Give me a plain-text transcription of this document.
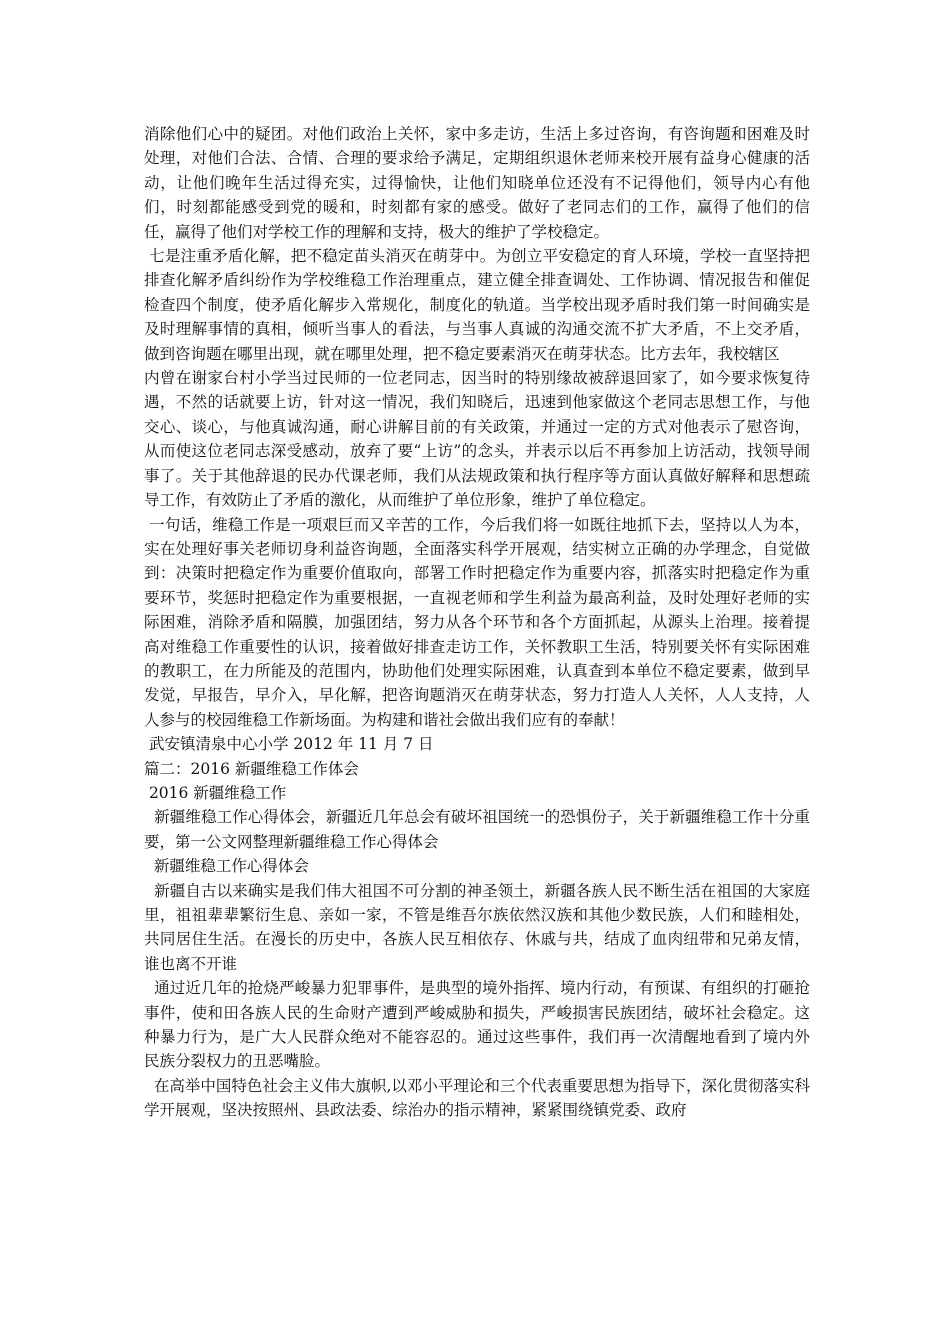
消除他们心中的疑团。对他们政治上关怀，家中多走访，生活上多过咨询，有咨询题和困难及时处理，对他们合法、合情、合理的要求给予满足，定期组织退休老师来校开展有益身心健康的活动，让他们晚年生活过得充实，过得愉快，让他们知晓单位还没有不记得他们，领导内心有他们，时刻都能感受到党的暖和，时刻都有家的感受。做好了老同志们的工作，赢得了他们的信任，赢得了他们对学校工作的理解和支持，极大的维护了学校稳定。

七是注重矛盾化解，把不稳定苗头消灭在萌芽中。为创立平安稳定的育人环境，学校一直坚持把排查化解矛盾纠纷作为学校维稳工作治理重点，建立健全排查调处、工作协调、情况报告和催促检查四个制度，使矛盾化解步入常规化，制度化的轨道。当学校出现矛盾时我们第一时间确实是及时理解事情的真相，倾听当事人的看法，与当事人真诚的沟通交流不扩大矛盾，不上交矛盾，做到咨询题在哪里出现，就在哪里处理，把不稳定要素消灭在萌芽状态。比方去年，我校辖区

内曾在谢家台村小学当过民师的一位老同志，因当时的特别缘故被辞退回家了，如今要求恢复待遇，不然的话就要上访，针对这一情况，我们知晓后，迅速到他家做这个老同志思想工作，与他交心、谈心，与他真诚沟通，耐心讲解目前的有关政策，并通过一定的方式对他表示了慰咨询，从而使这位老同志深受感动，放弃了要“上访”的念头，并表示以后不再参加上访活动，找领导闹事了。关于其他辞退的民办代课老师，我们从法规政策和执行程序等方面认真做好解释和思想疏导工作，有效防止了矛盾的激化，从而维护了单位形象，维护了单位稳定。

一句话，维稳工作是一项艰巨而又辛苦的工作，今后我们将一如既往地抓下去，坚持以人为本，实在处理好事关老师切身利益咨询题，全面落实科学开展观，结实树立正确的办学理念，自觉做到：决策时把稳定作为重要价值取向，部署工作时把稳定作为重要内容，抓落实时把稳定作为重要环节，奖惩时把稳定作为重要根据，一直视老师和学生利益为最高利益，及时处理好老师的实际困难，消除矛盾和隔膜，加强团结，努力从各个环节和各个方面抓起，从源头上治理。接着提高对维稳工作重要性的认识，接着做好排查走访工作，关怀教职工生活，特别要关怀有实际困难的教职工，在力所能及的范围内，协助他们处理实际困难，认真查到本单位不稳定要素，做到早发觉，早报告，早介入，早化解，把咨询题消灭在萌芽状态，努力打造人人关怀，人人支持，人人参与的校园维稳工作新场面。为构建和谐社会做出我们应有的奉献！

武安镇清泉中心小学 2012 年 11 月 7 日

篇二：2016 新疆维稳工作体会

2016 新疆维稳工作

新疆维稳工作心得体会，新疆近几年总会有破坏祖国统一的恐惧份子，关于新疆维稳工作十分重要，第一公文网整理新疆维稳工作心得体会

新疆维稳工作心得体会

新疆自古以来确实是我们伟大祖国不可分割的神圣领土，新疆各族人民不断生活在祖国的大家庭里，祖祖辈辈繁衍生息、亲如一家，不管是维吾尔族依然汉族和其他少数民族，人们和睦相处，共同居住生活。在漫长的历史中，各族人民互相依存、休戚与共，结成了血肉纽带和兄弟友情，谁也离不开谁

通过近几年的抢烧严峻暴力犯罪事件，是典型的境外指挥、境内行动，有预谋、有组织的打砸抢事件，使和田各族人民的生命财产遭到严峻威胁和损失，严峻损害民族团结，破坏社会稳定。这种暴力行为，是广大人民群众绝对不能容忍的。通过这些事件，我们再一次清醒地看到了境内外民族分裂权力的丑恶嘴脸。

在高举中国特色社会主义伟大旗帜,以邓小平理论和三个代表重要思想为指导下，深化贯彻落实科学开展观，坚决按照州、县政法委、综治办的指示精神，紧紧围绕镇党委、政府
